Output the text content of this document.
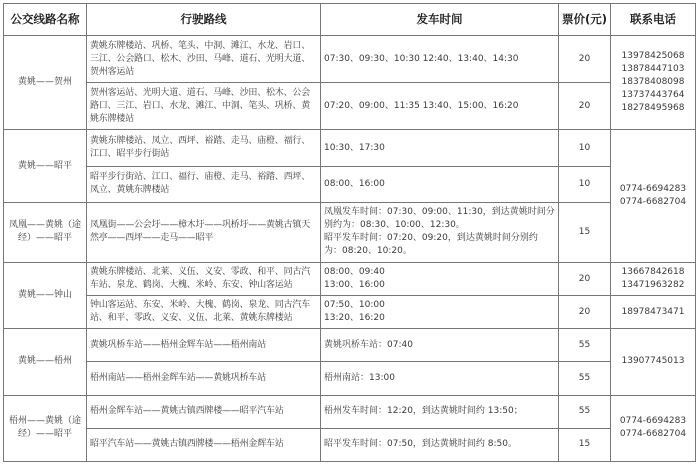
公交线路名称	行驶路线	发车时间	票价(元)	联系电话
黄姚——贺州	黄姚东牌楼站、巩桥、笔头、中洞、滩江、水龙、岩口、三江、公会路口、松木、沙田、马峰、道石、光明大道、贺州客运站	07:30、09:30、10:30 12:40、13:40、14:30	20	13978425068
13878447103
18378408098
13737443764
18278495968

	贺州客运站、光明大道、道石、马峰、沙田、松木、公会路口、三江、岩口、水龙、滩江、中洞、笔头、巩桥、黄姚东牌楼站	07:20、09:00、11:35 13:40、15:00、16:20	20	
黄姚——昭平	黄姚东牌楼站、凤立、西坪、裕踏、走马、庙橙、福行、江口、昭平步行街站	10:30、17:30	10	0774-6694283
0774-6682704

	昭平步行街站、江口、福行、庙橙、走马、裕踏、西坪、凤立、黄姚东牌楼站	08:00、16:00	10	
凤凰——黄姚（途经）——昭平	凤凰街——公会圩——樟木圩——巩桥圩——黄姚古镇天然亭——西坪——走马——昭平	凤凰发车时间：07:30、09:00、11:30，到达黄姚时间分别约为：08:30、10:00、12:30。
昭平发车时间：07:20、09:20，到达黄姚时间分别约为：08:20、10:20。	15	
黄姚——钟山	黄姚东牌楼站、北莱、义伍、义安、零政、和平、同古汽车站、泉龙、鹤岗、大槐、米岭、东安、钟山客运站	08:00、09:40
13:00、16:00	20	13667842618
13471963282

	钟山客运站、东安、米岭、大槐、鹤岗、泉龙、同古汽车站、和平、零政、义安、义伍、北莱、黄姚东牌楼站	07:50、10:00
13:20、16:20	20	18978473471

黄姚——梧州	黄姚巩桥车站——梧州金辉车站——梧州南站	黄姚巩桥车站：07:40	55	13907745013

	梧州南站——梧州金辉车站——黄姚巩桥车站	梧州南站：13:00	55	
梧州——黄姚（途经）——昭平	梧州金辉车站——黄姚古镇西牌楼——昭平汽车站	梧州发车时间：12:20，到达黄姚时间约 13:50；	55	0774-6694283
0774-6682704

	昭平汽车站——黄姚古镇西牌楼——梧州金辉车站	昭平发车时间：07:50，到达黄姚时间约 8:50。	15	
